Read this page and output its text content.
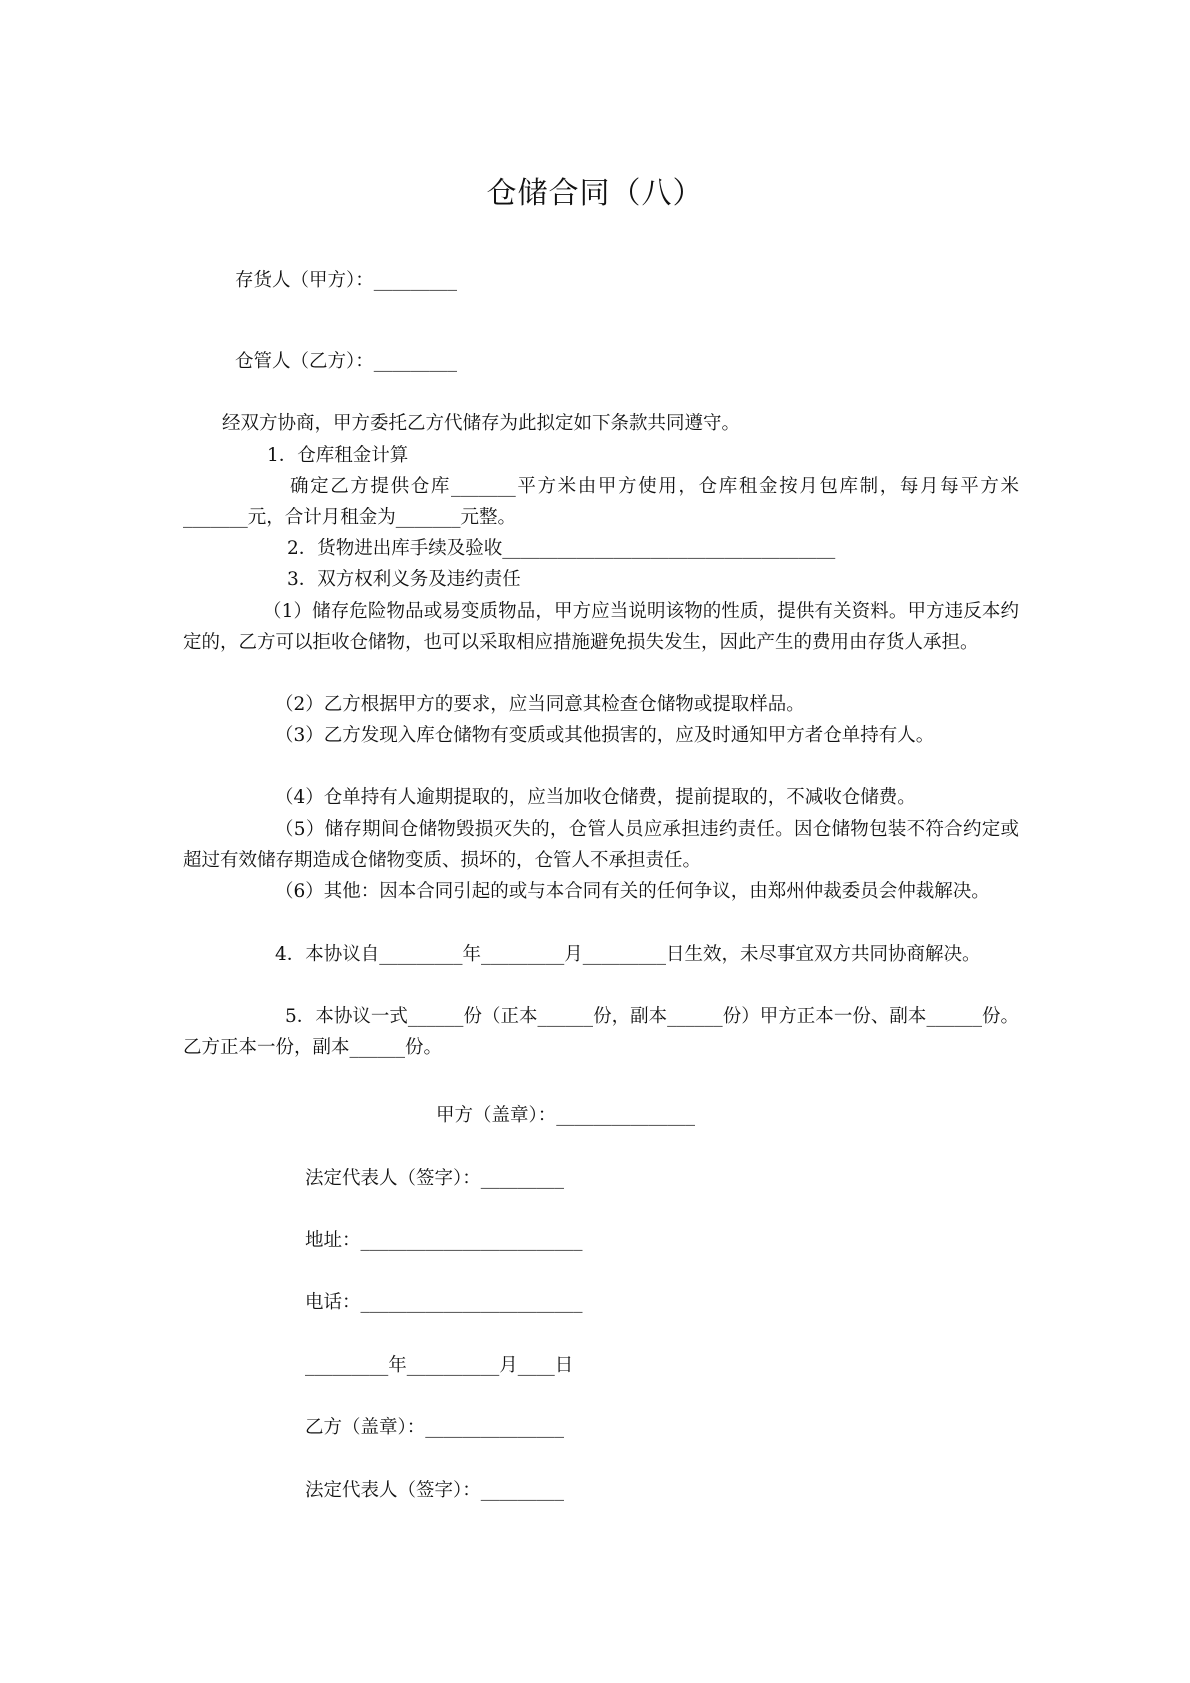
仓储合同（八）

存货人（甲方）：_________

仓管人（乙方）：_________

经双方协商，甲方委托乙方代储存为此拟定如下条款共同遵守。

1．仓库租金计算

确定乙方提供仓库_______平方米由甲方使用，仓库租金按月包库制，每月每平方米_______元，合计月租金为_______元整。

2．货物进出库手续及验收____________________________________

3．双方权利义务及违约责任

（1）储存危险物品或易变质物品，甲方应当说明该物的性质，提供有关资料。甲方违反本约定的，乙方可以拒收仓储物，也可以采取相应措施避免损失发生，因此产生的费用由存货人承担。

（2）乙方根据甲方的要求，应当同意其检查仓储物或提取样品。

（3）乙方发现入库仓储物有变质或其他损害的，应及时通知甲方者仓单持有人。

（4）仓单持有人逾期提取的，应当加收仓储费，提前提取的，不减收仓储费。

（5）储存期间仓储物毁损灭失的，仓管人员应承担违约责任。因仓储物包装不符合约定或超过有效储存期造成仓储物变质、损坏的，仓管人不承担责任。

（6）其他：因本合同引起的或与本合同有关的任何争议，由郑州仲裁委员会仲裁解决。

4．本协议自_________年_________月_________日生效，未尽事宜双方共同协商解决。

5．本协议一式______份（正本______份，副本______份）甲方正本一份、副本______份。乙方正本一份，副本______份。

甲方（盖章）：_______________

法定代表人（签字）：_________

地址：________________________

电话：________________________

_________年__________月____日

乙方（盖章）：_______________

法定代表人（签字）：_________
